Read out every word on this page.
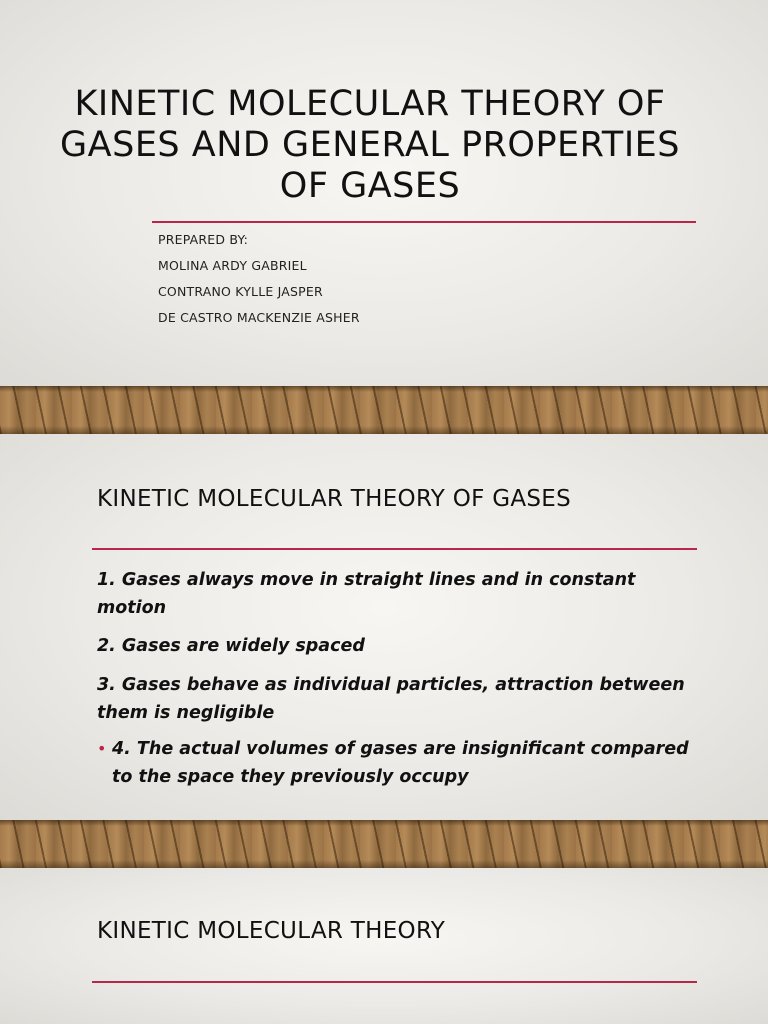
KINETIC MOLECULAR THEORY OF GASES AND GENERAL PROPERTIES OF GASES
PREPARED BY:
MOLINA ARDY GABRIEL
CONTRANO KYLLE JASPER
DE CASTRO MACKENZIE ASHER
KINETIC MOLECULAR THEORY OF GASES
1. Gases always move in straight lines and in constant motion
2. Gases are widely spaced
3. Gases behave as individual particles, attraction between them is negligible
• 4. The actual volumes of gases are insignificant compared to the space they previously occupy
KINETIC MOLECULAR THEORY
